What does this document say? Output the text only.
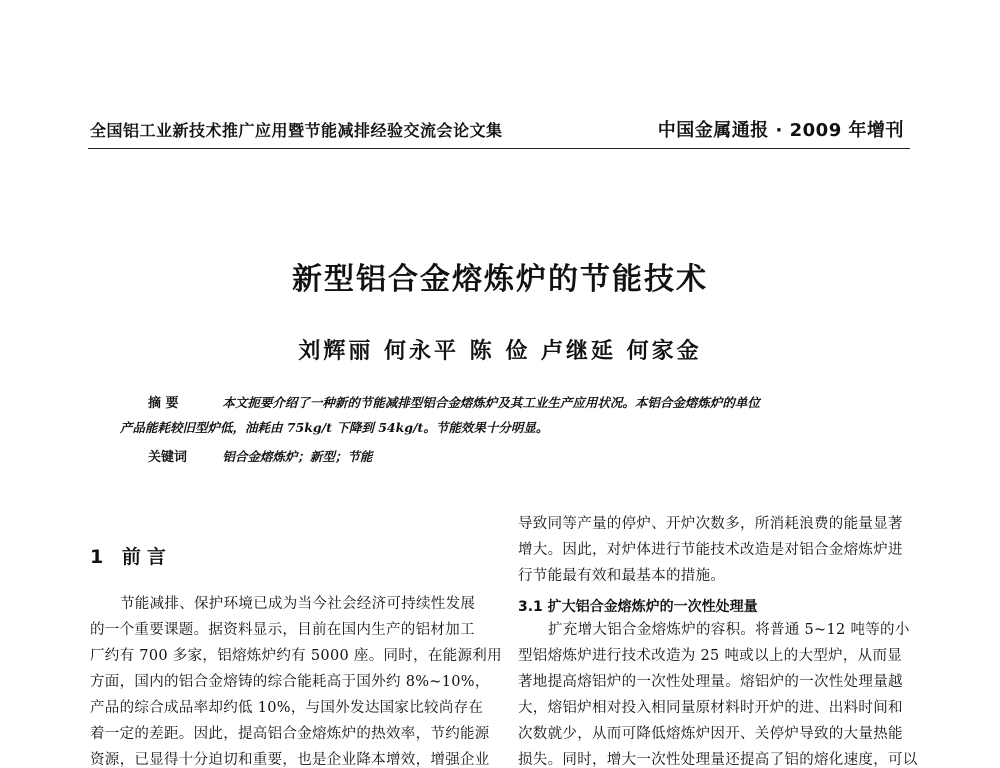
全国铝工业新技术推广应用暨节能减排经验交流会论文集	中国金属通报 · 2009 年增刊
新型铝合金熔炼炉的节能技术
刘辉丽 何永平 陈 俭 卢继延 何家金
摘 要	本文扼要介绍了一种新的节能减排型铝合金熔炼炉及其工业生产应用状况。本铝合金熔炼炉的单位
产品能耗较旧型炉低，油耗由 75kg/t 下降到 54kg/t。节能效果十分明显。
关键词	铝合金熔炼炉；新型；节能
1 前言
节能减排、保护环境已成为当今社会经济可持续性发展
的一个重要课题。据资料显示，目前在国内生产的铝材加工
厂约有 700 多家，铝熔炼炉约有 5000 座。同时，在能源利用
方面，国内的铝合金熔铸的综合能耗高于国外约 8%~10%，
产品的综合成品率却约低 10%，与国外发达国家比较尚存在
着一定的差距。因此，提高铝合金熔炼炉的热效率，节约能源
资源，已显得十分迫切和重要，也是企业降本增效，增强企业
导致同等产量的停炉、开炉次数多，所消耗浪费的能量显著
增大。因此，对炉体进行节能技术改造是对铝合金熔炼炉进
行节能最有效和最基本的措施。
3.1 扩大铝合金熔炼炉的一次性处理量
扩充增大铝合金熔炼炉的容积。将普通 5~12 吨等的小
型铝熔炼炉进行技术改造为 25 吨或以上的大型炉，从而显
著地提高熔铝炉的一次性处理量。熔铝炉的一次性处理量越
大，熔铝炉相对投入相同量原材料时开炉的进、出料时间和
次数就少，从而可降低熔炼炉因开、关停炉导致的大量热能
损失。同时，增大一次性处理量还提高了铝的熔化速度，可以
